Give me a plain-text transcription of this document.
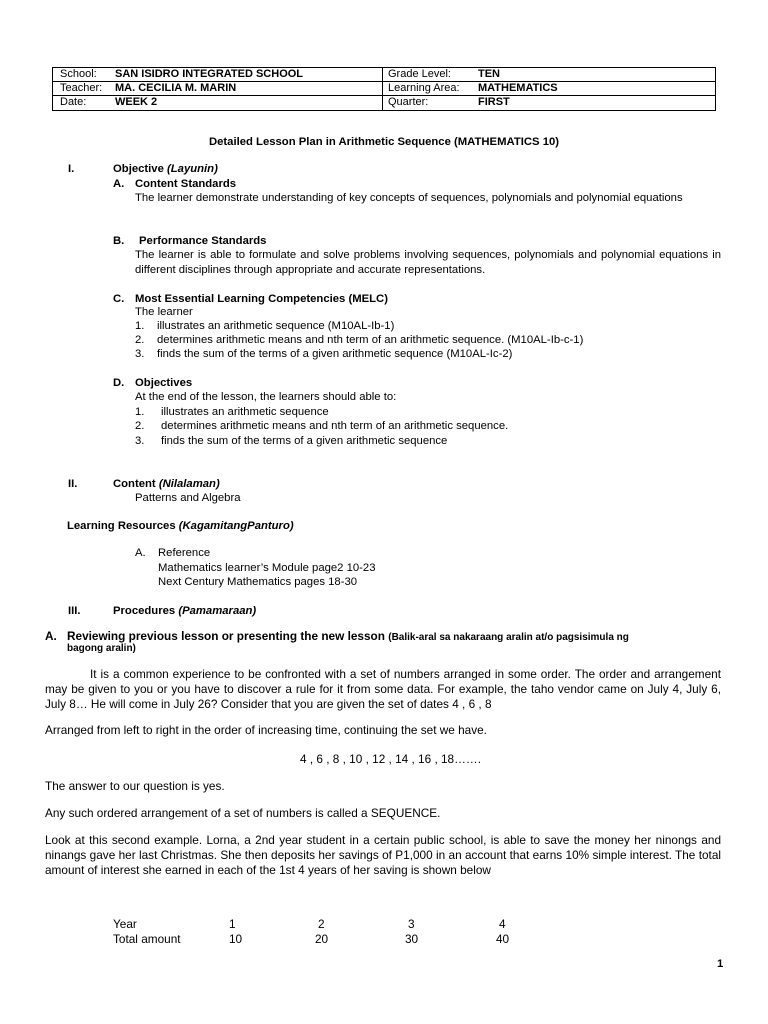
School: SAN ISIDRO INTEGRATED SCHOOL	Grade Level: TEN
Teacher: MA. CECILIA M. MARIN	Learning Area: MATHEMATICS
Date:	WEEK 2	Quarter:	FIRST
Detailed Lesson Plan in Arithmetic Sequence (MATHEMATICS 10)
I.	Objective (Layunin)
A. Content Standards
The learner demonstrate understanding of key concepts of sequences, polynomials and polynomial equations
B. Performance Standards
The learner is able to formulate and solve problems involving sequences, polynomials and polynomial equations in different disciplines through appropriate and accurate representations.
C. Most Essential Learning Competencies (MELC)
The learner
1. illustrates an arithmetic sequence (M10AL-Ib-1)
2. determines arithmetic means and nth term of an arithmetic sequence. (M10AL-Ib-c-1)
3. finds the sum of the terms of a given arithmetic sequence (M10AL-Ic-2)
D. Objectives
At the end of the lesson, the learners should able to:
1. illustrates an arithmetic sequence
2. determines arithmetic means and nth term of an arithmetic sequence.
3. finds the sum of the terms of a given arithmetic sequence
II.	Content (Nilalaman)
Patterns and Algebra
Learning Resources (KagamitangPanturo)
A. Reference
Mathematics learner’s Module page2 10-23
Next Century Mathematics pages 18-30
III.	Procedures (Pamamaraan)
A. Reviewing previous lesson or presenting the new lesson (Balik-aral sa nakaraang aralin at/o pagsisimula ng
bagong aralin)
It is a common experience to be confronted with a set of numbers arranged in some order. The order and arrangement may be given to you or you have to discover a rule for it from some data. For example, the taho vendor came on July 4, July 6, July 8… He will come in July 26? Consider that you are given the set of dates 4 , 6 , 8
Arranged from left to right in the order of increasing time, continuing the set we have.
4 , 6 , 8 , 10 , 12 , 14 , 16 , 18…….
The answer to our question is yes.
Any such ordered arrangement of a set of numbers is called a SEQUENCE.
Look at this second example. Lorna, a 2nd year student in a certain public school, is able to save the money her ninongs and ninangs gave her last Christmas. She then deposits her savings of P1,000 in an account that earns 10% simple interest. The total amount of interest she earned in each of the 1st 4 years of her saving is shown below
Year	1	2	3	4
Total amount	10	20	30	40
1
